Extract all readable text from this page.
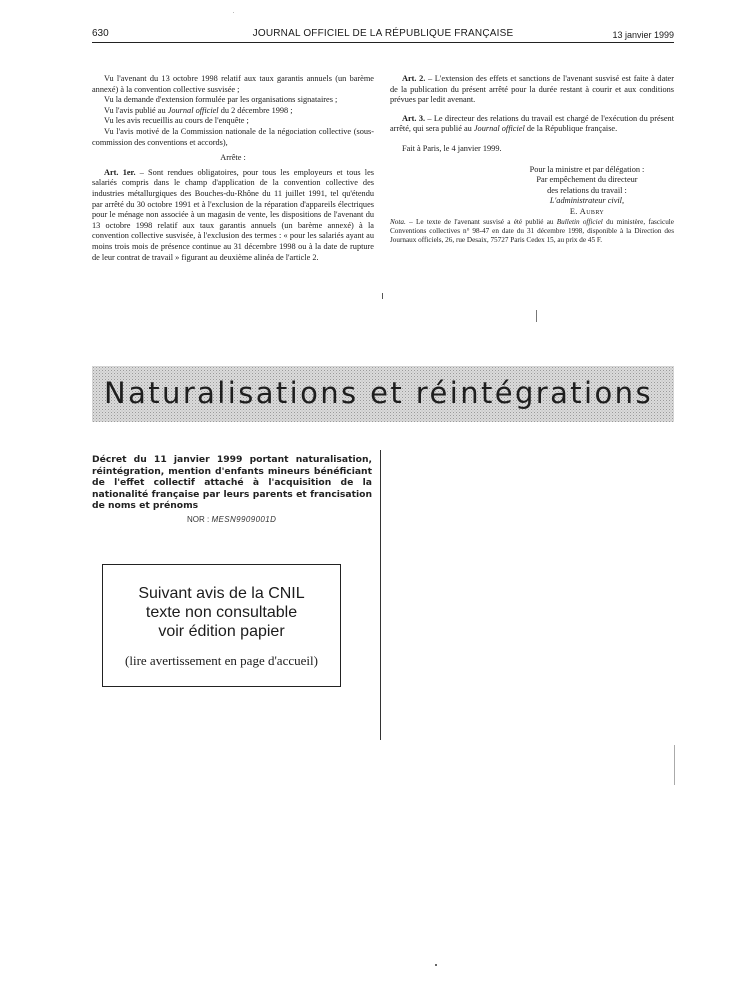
630	JOURNAL OFFICIEL DE LA RÉPUBLIQUE FRANÇAISE	13 janvier 1999

Vu l'avenant du 13 octobre 1998 relatif aux taux garantis annuels (un barème annexé) à la convention collective susvisée ;

Vu la demande d'extension formulée par les organisations signataires ;

Vu l'avis publié au Journal officiel du 2 décembre 1998 ;

Vu les avis recueillis au cours de l'enquête ;

Vu l'avis motivé de la Commission nationale de la négociation collective (sous-commission des conventions et accords),

Arrête :

Art. 1er. – Sont rendues obligatoires, pour tous les employeurs et tous les salariés compris dans le champ d'application de la convention collective des industries métallurgiques des Bouches-du-Rhône du 11 juillet 1991, tel qu'étendu par arrêté du 30 octobre 1991 et à l'exclusion de la réparation d'appareils électriques pour le ménage non associée à un magasin de vente, les dispositions de l'avenant du 13 octobre 1998 relatif aux taux garantis annuels (un barème annexé) à la convention collective susvisée, à l'exclusion des termes : « pour les salariés ayant au moins trois mois de présence continue au 31 décembre 1998 ou à la date de rupture de leur contrat de travail » figurant au deuxième alinéa de l'article 2.

Art. 2. – L'extension des effets et sanctions de l'avenant susvisé est faite à dater de la publication du présent arrêté pour la durée restant à courir et aux conditions prévues par ledit avenant.

Art. 3. – Le directeur des relations du travail est chargé de l'exécution du présent arrêté, qui sera publié au Journal officiel de la République française.

Fait à Paris, le 4 janvier 1999.

Pour la ministre et par délégation :

Par empêchement du directeur

des relations du travail :

L'administrateur civil,

E. Aubry

Nota. – Le texte de l'avenant susvisé a été publié au Bulletin officiel du ministère, fascicule Conventions collectives n° 98-47 en date du 31 décembre 1998, disponible à la Direction des Journaux officiels, 26, rue Desaix, 75727 Paris Cedex 15, au prix de 45 F.

Naturalisations et réintégrations
Décret du 11 janvier 1999 portant naturalisation, réintégration, mention d'enfants mineurs bénéficiant de l'effet collectif attaché à l'acquisition de la nationalité française par leurs parents et francisation de noms et prénoms
NOR : MESN9909001D
Suivant avis de la CNIL
texte non consultable
voir édition papier
(lire avertissement en page d'accueil)
